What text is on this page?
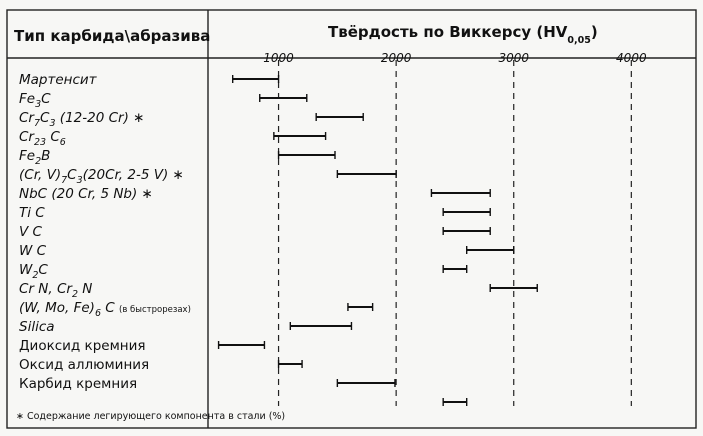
Тип карбида\абразива	Твёрдость по Виккерсу $(HV_{0,05})$
1000	2000	3000	4000
Мартенсит
$Fe_3C$
$Cr_7C_3$ (12-20 Cr) ∗
$Cr_{23}$ $C_6$
$Fe_2B$
(Cr, $V)_7C_3(20Cr$, 2-5 V) ∗
NbC (20 Cr, 5 Nb) ∗
Ti C
V C
W C
$W_2C$
Cr N, $Cr_2$ N
(W, Mo, $Fe)_6$ C (в быстрорезах)
Silica
Диоксид кремния
Оксид аллюминия
Карбид кремния
∗ Содержание легирующего компонента в стали (%)
